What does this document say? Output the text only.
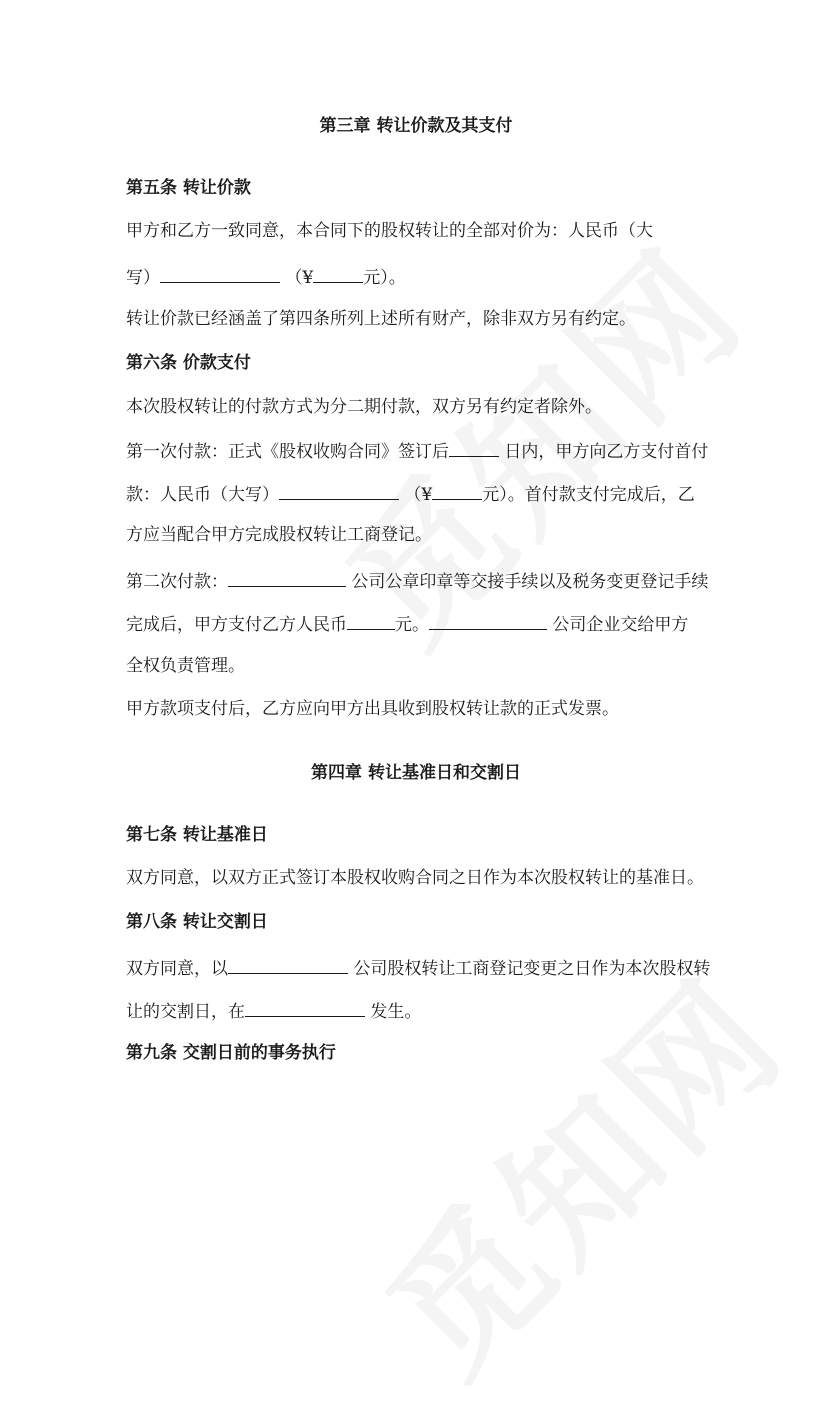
第三章 转让价款及其支付
第五条 转让价款
甲方和乙方一致同意，本合同下的股权转让的全部对价为：人民币（大
写）	（¥	元）。
转让价款已经涵盖了第四条所列上述所有财产，除非双方另有约定。
第六条 价款支付
本次股权转让的付款方式为分二期付款，双方另有约定者除外。
第一次付款：正式《股权收购合同》签订后	日内，甲方向乙方支付首付
款：人民币（大写）	（¥	元）。首付款支付完成后，乙
方应当配合甲方完成股权转让工商登记。
第二次付款：	公司公章印章等交接手续以及税务变更登记手续
完成后，甲方支付乙方人民币	元。	公司企业交给甲方
全权负责管理。
甲方款项支付后，乙方应向甲方出具收到股权转让款的正式发票。
第四章 转让基准日和交割日
第七条 转让基准日
双方同意，以双方正式签订本股权收购合同之日作为本次股权转让的基准日。
第八条 转让交割日
双方同意，以	公司股权转让工商登记变更之日作为本次股权转
让的交割日，在	发生。
第九条 交割日前的事务执行
